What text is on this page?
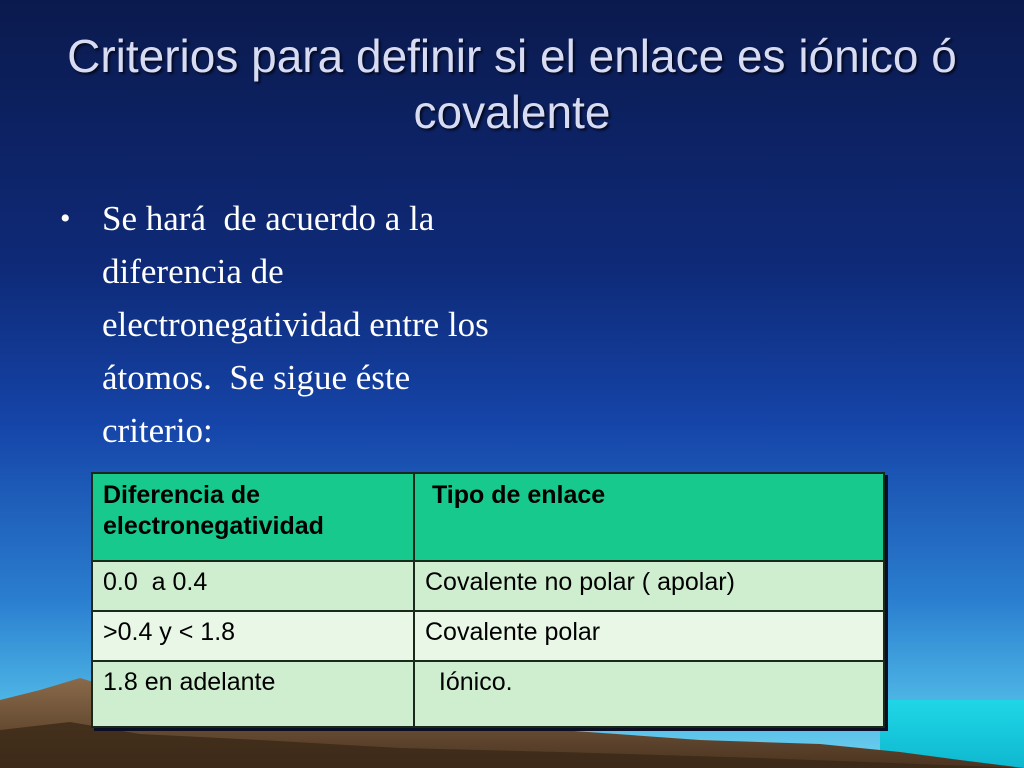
Criterios para definir si el enlace es iónico ó covalente
• Se hará  de acuerdo a la diferencia de electronegatividad entre los átomos.  Se sigue éste criterio:
Diferencia de electronegatividad	Tipo de enlace
0.0  a 0.4	Covalente no polar ( apolar)
>0.4 y < 1.8	Covalente polar
1.8 en adelante	Iónico.
